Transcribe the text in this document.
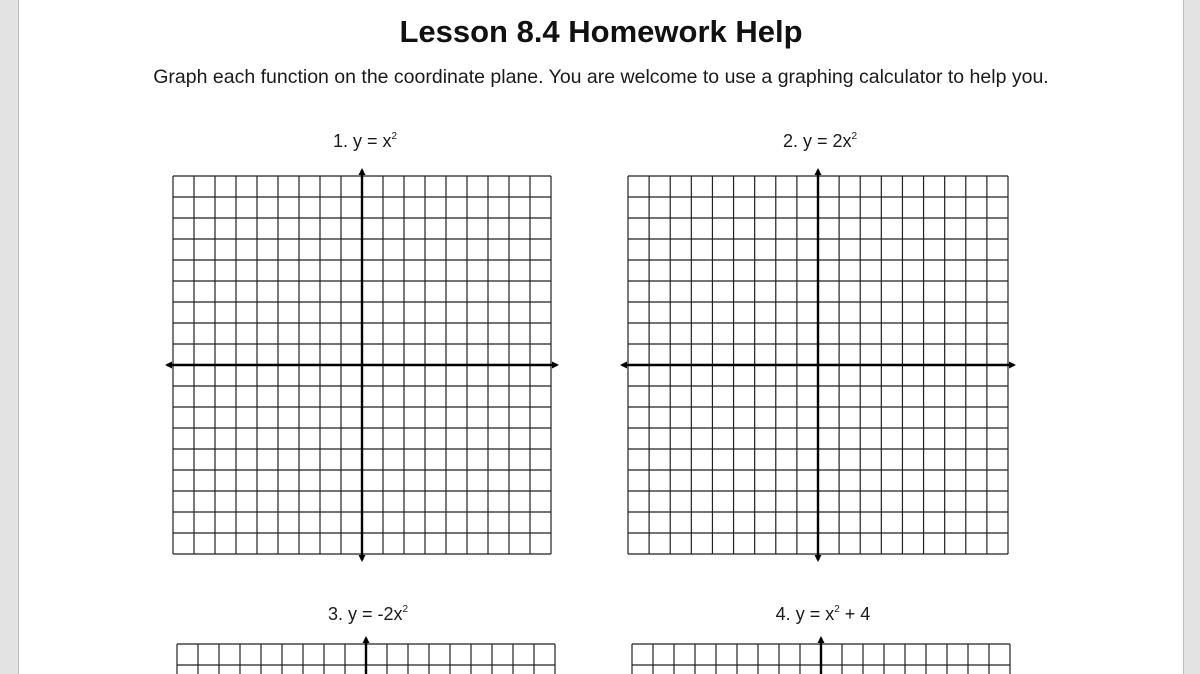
Lesson 8.4 Homework Help
Graph each function on the coordinate plane. You are welcome to use a graphing calculator to help you.
1. $y = x^2$	2. $y = 2x^2$
3. $y = -2x^2$	4. $y = x^2 + 4$
